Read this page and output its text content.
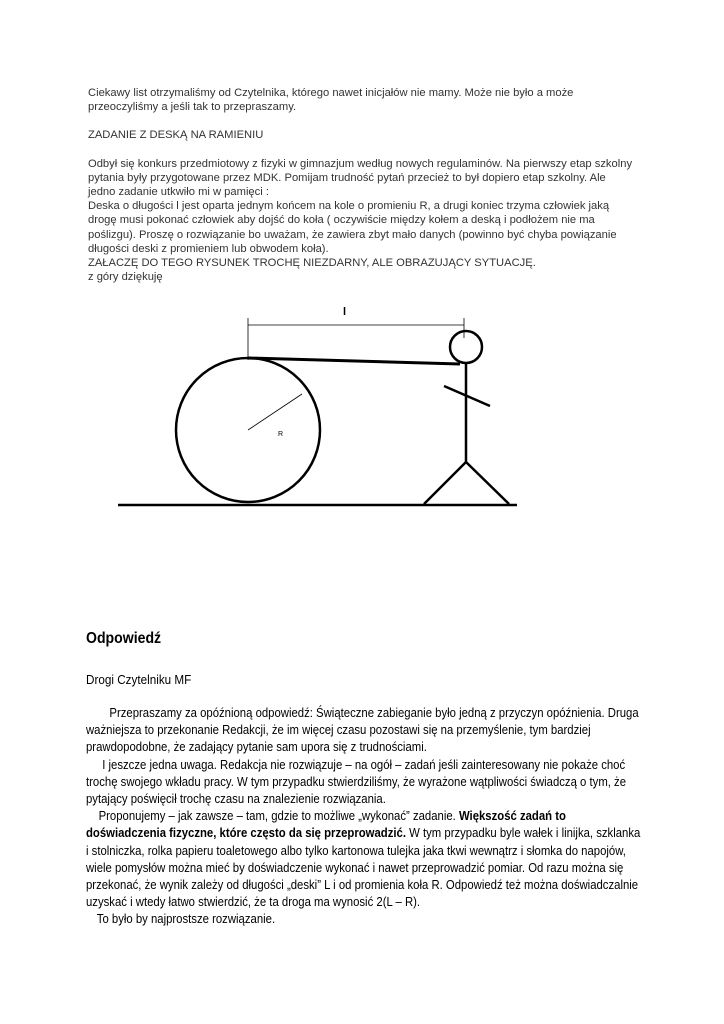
Ciekawy list otrzymaliśmy od Czytelnika, którego nawet inicjałów nie mamy. Może nie było a może przeoczyliśmy a jeśli tak to przepraszamy.

ZADANIE Z DESKĄ NA RAMIENIU

Odbył się konkurs przedmiotowy z fizyki w gimnazjum według nowych regulaminów. Na pierwszy etap szkolny pytania były przygotowane przez MDK. Pomijam trudność pytań przecież to był dopiero etap szkolny. Ale jedno zadanie utkwiło mi w pamięci :

Deska o długości l jest oparta jednym końcem na kole o promieniu R, a drugi koniec trzyma człowiek jaką drogę musi pokonać człowiek aby dojść do koła ( oczywiście między kołem a deską i podłożem nie ma poślizgu). Proszę o rozwiązanie bo uważam, że zawiera zbyt mało danych (powinno być chyba powiązanie długości deski z promieniem lub obwodem koła).

ZAŁACZĘ DO TEGO RYSUNEK TROCHĘ NIEZDARNY, ALE OBRAZUJĄCY SYTUACJĘ.

z góry dziękuję

R
l

Odpowiedź

Drogi Czytelniku MF

Przepraszamy za opóźnioną odpowiedź: Świąteczne zabieganie było jedną z przyczyn opóźnienia. Druga ważniejsza to przekonanie Redakcji, że im więcej czasu pozostawi się na przemyślenie, tym bardziej prawdopodobne, że zadający pytanie sam upora się z trudnościami.

I jeszcze jedna uwaga. Redakcja nie rozwiązuje – na ogół – zadań jeśli zainteresowany nie pokaże choć trochę swojego wkładu pracy. W tym przypadku stwierdziliśmy, że wyrażone wątpliwości świadczą o tym, że pytający poświęcił trochę czasu na znalezienie rozwiązania.

Proponujemy – jak zawsze – tam, gdzie to możliwe „wykonać” zadanie. Większość zadań to doświadczenia fizyczne, które często da się przeprowadzić. W tym przypadku byle wałek i linijka, szklanka i stolniczka, rolka papieru toaletowego albo tylko kartonowa tulejka jaka tkwi wewnątrz i słomka do napojów, wiele pomysłów można mieć by doświadczenie wykonać i nawet przeprowadzić pomiar. Od razu można się przekonać, że wynik zależy od długości „deski” L i od promienia koła R. Odpowiedź też można doświadczalnie uzyskać i wtedy łatwo stwierdzić, że ta droga ma wynosić 2(L – R).

To było by najprostsze rozwiązanie.
